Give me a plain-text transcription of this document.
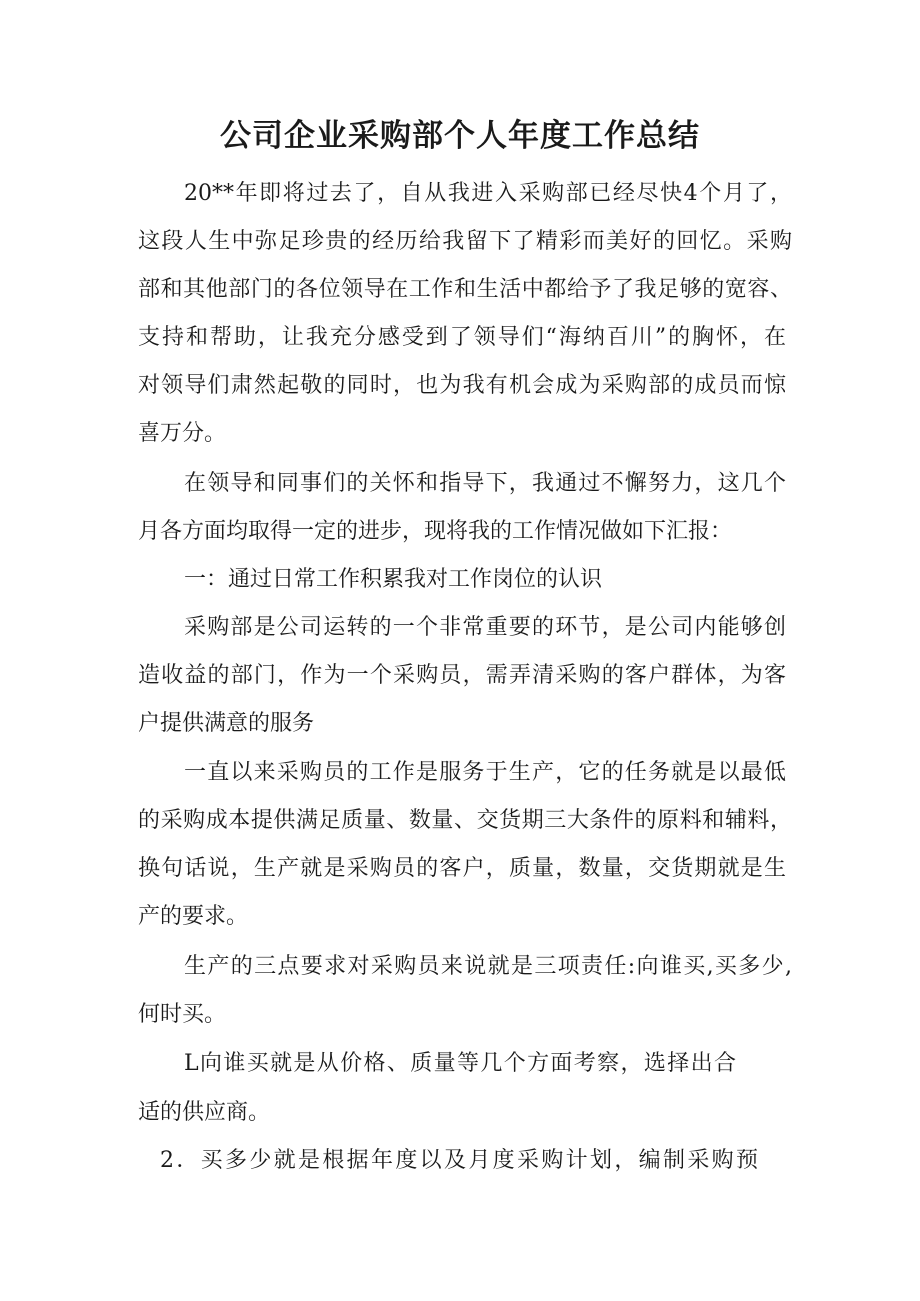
公司企业采购部个人年度工作总结

20**年即将过去了，自从我进入采购部已经尽快4个月了，

这段人生中弥足珍贵的经历给我留下了精彩而美好的回忆。采购

部和其他部门的各位领导在工作和生活中都给予了我足够的宽容、

支持和帮助，让我充分感受到了领导们“海纳百川”的胸怀，在

对领导们肃然起敬的同时，也为我有机会成为采购部的成员而惊

喜万分。

在领导和同事们的关怀和指导下，我通过不懈努力，这几个

月各方面均取得一定的进步，现将我的工作情况做如下汇报：

一：通过日常工作积累我对工作岗位的认识

采购部是公司运转的一个非常重要的环节，是公司内能够创

造收益的部门，作为一个采购员，需弄清采购的客户群体，为客

户提供满意的服务

一直以来采购员的工作是服务于生产，它的任务就是以最低

的采购成本提供满足质量、数量、交货期三大条件的原料和辅料，

换句话说，生产就是采购员的客户，质量，数量，交货期就是生

产的要求。

生产的三点要求对采购员来说就是三项责任:向谁买,买多少,

何时买。

L向谁买就是从价格、质量等几个方面考察，选择出合

适的供应商。

2．买多少就是根据年度以及月度采购计划，编制采购预
